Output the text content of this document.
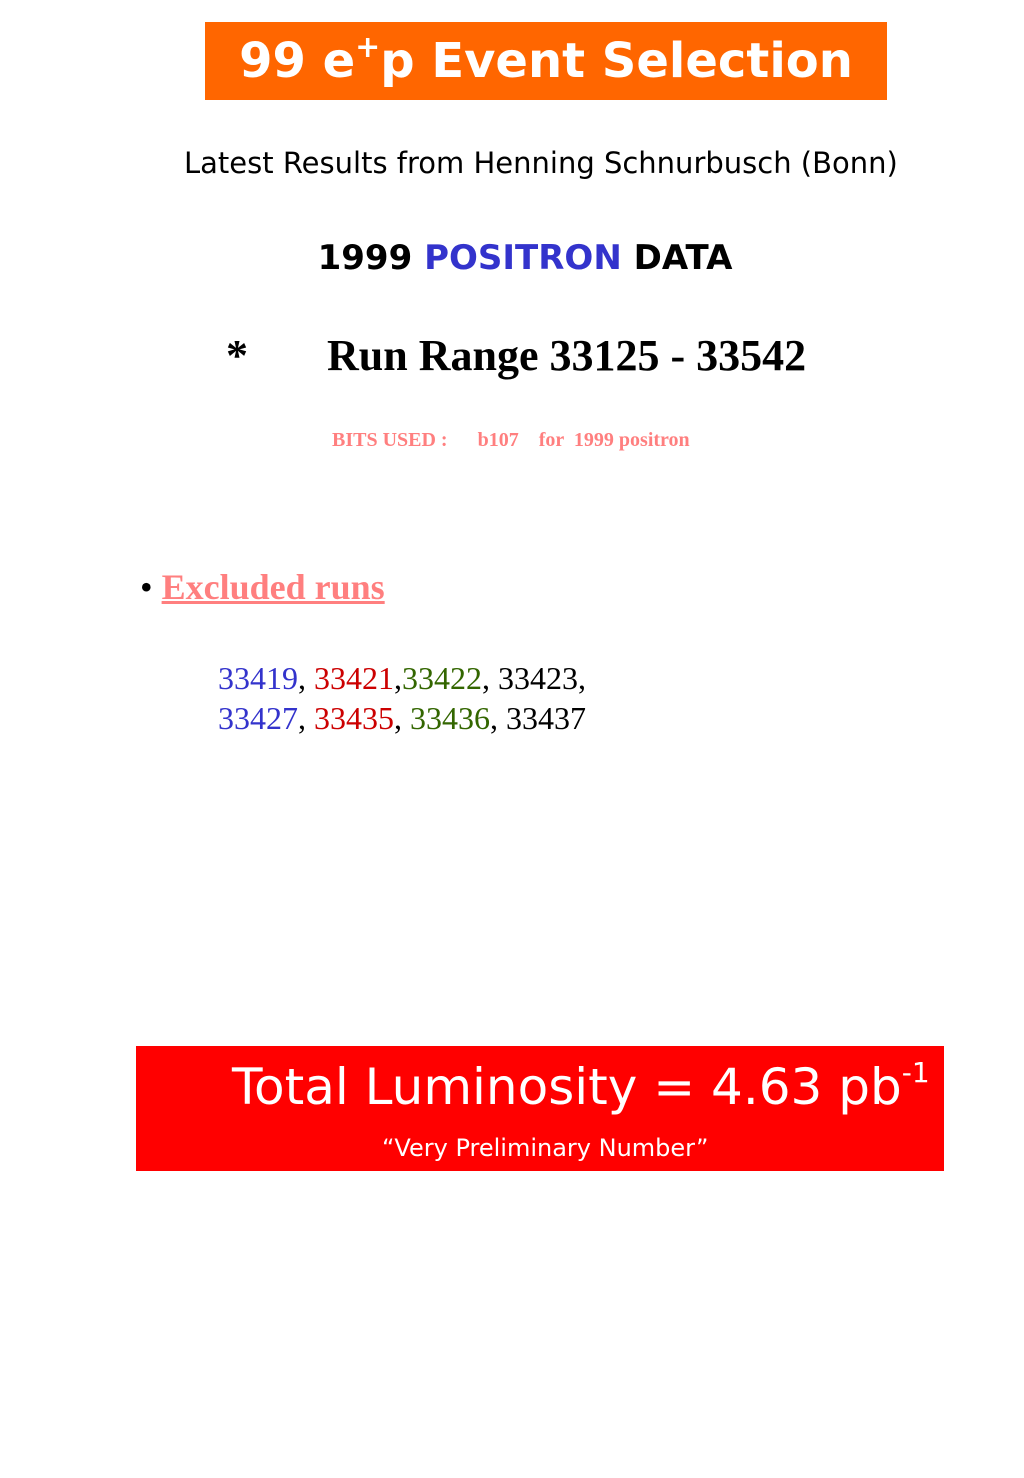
99 e+p Event Selection
Latest Results from Henning Schnurbusch (Bonn)
1999 POSITRON DATA
* Run Range 33125 - 33542
BITS USED : b107    for  1999 positron
• Excluded runs
33419, 33421,33422, 33423,
33427, 33435, 33436, 33437
Total Luminosity = 4.63 $pb^{-1}$
“Very Preliminary Number”
